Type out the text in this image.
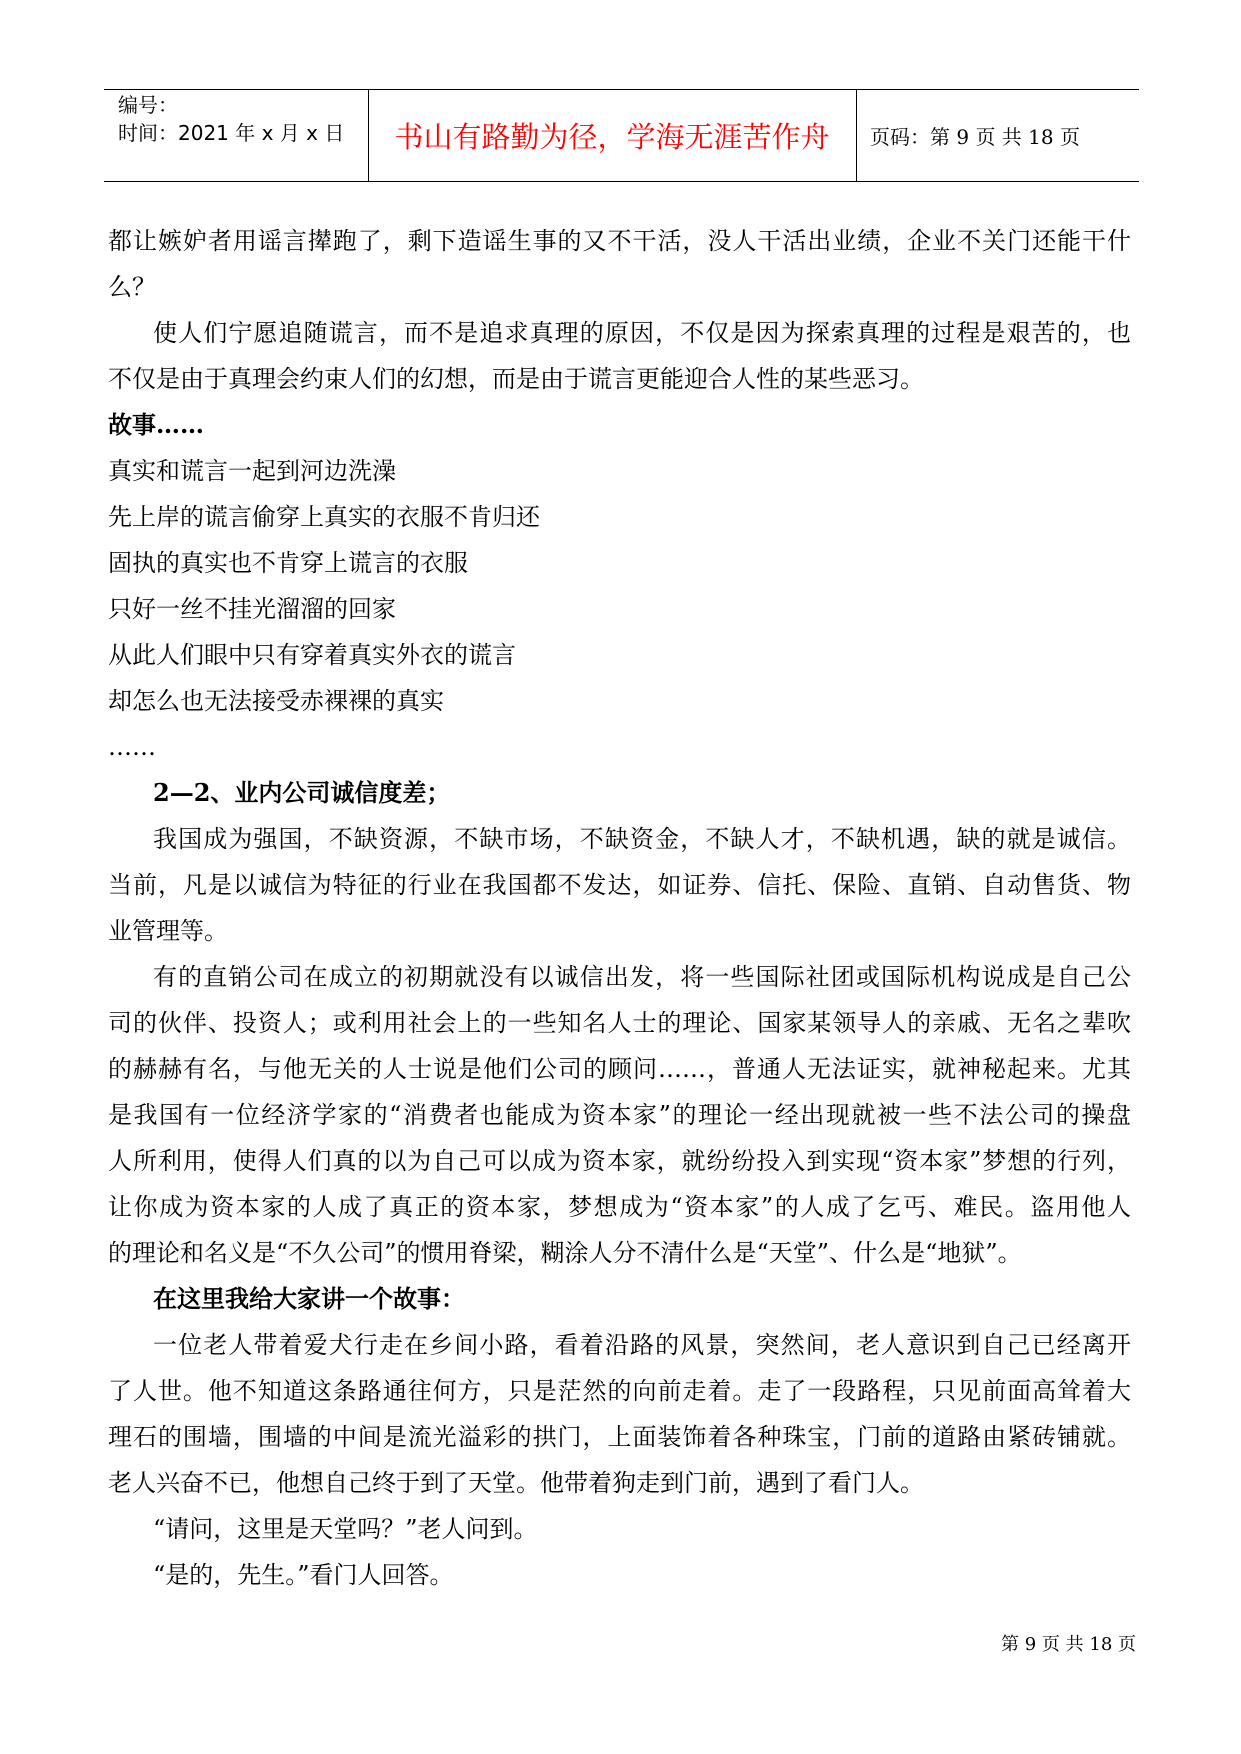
编号：
时间：2021 年 x 月 x 日	书山有路勤为径，学海无涯苦作舟	页码：第 9 页 共 18 页
都让嫉妒者用谣言撵跑了，剩下造谣生事的又不干活，没人干活出业绩，企业不关门还能干什
么？
使人们宁愿追随谎言，而不是追求真理的原因，不仅是因为探索真理的过程是艰苦的，也
不仅是由于真理会约束人们的幻想，而是由于谎言更能迎合人性的某些恶习。
故事……
真实和谎言一起到河边洗澡
先上岸的谎言偷穿上真实的衣服不肯归还
固执的真实也不肯穿上谎言的衣服
只好一丝不挂光溜溜的回家
从此人们眼中只有穿着真实外衣的谎言
却怎么也无法接受赤裸裸的真实
……
2—2、业内公司诚信度差；
我国成为强国，不缺资源，不缺市场，不缺资金，不缺人才，不缺机遇，缺的就是诚信。
当前，凡是以诚信为特征的行业在我国都不发达，如证券、信托、保险、直销、自动售货、物
业管理等。
有的直销公司在成立的初期就没有以诚信出发，将一些国际社团或国际机构说成是自己公
司的伙伴、投资人；或利用社会上的一些知名人士的理论、国家某领导人的亲戚、无名之辈吹
的赫赫有名，与他无关的人士说是他们公司的顾问……，普通人无法证实，就神秘起来。尤其
是我国有一位经济学家的“消费者也能成为资本家”的理论一经出现就被一些不法公司的操盘
人所利用，使得人们真的以为自己可以成为资本家，就纷纷投入到实现“资本家”梦想的行列，
让你成为资本家的人成了真正的资本家，梦想成为“资本家”的人成了乞丐、难民。盗用他人
的理论和名义是“不久公司”的惯用脊梁，糊涂人分不清什么是“天堂”、什么是“地狱”。
在这里我给大家讲一个故事：
一位老人带着爱犬行走在乡间小路，看着沿路的风景，突然间，老人意识到自己已经离开
了人世。他不知道这条路通往何方，只是茫然的向前走着。走了一段路程，只见前面高耸着大
理石的围墙，围墙的中间是流光溢彩的拱门，上面装饰着各种珠宝，门前的道路由紧砖铺就。
老人兴奋不已，他想自己终于到了天堂。他带着狗走到门前，遇到了看门人。
“请问，这里是天堂吗？”老人问到。
“是的，先生。”看门人回答。
第 9 页 共 18 页
